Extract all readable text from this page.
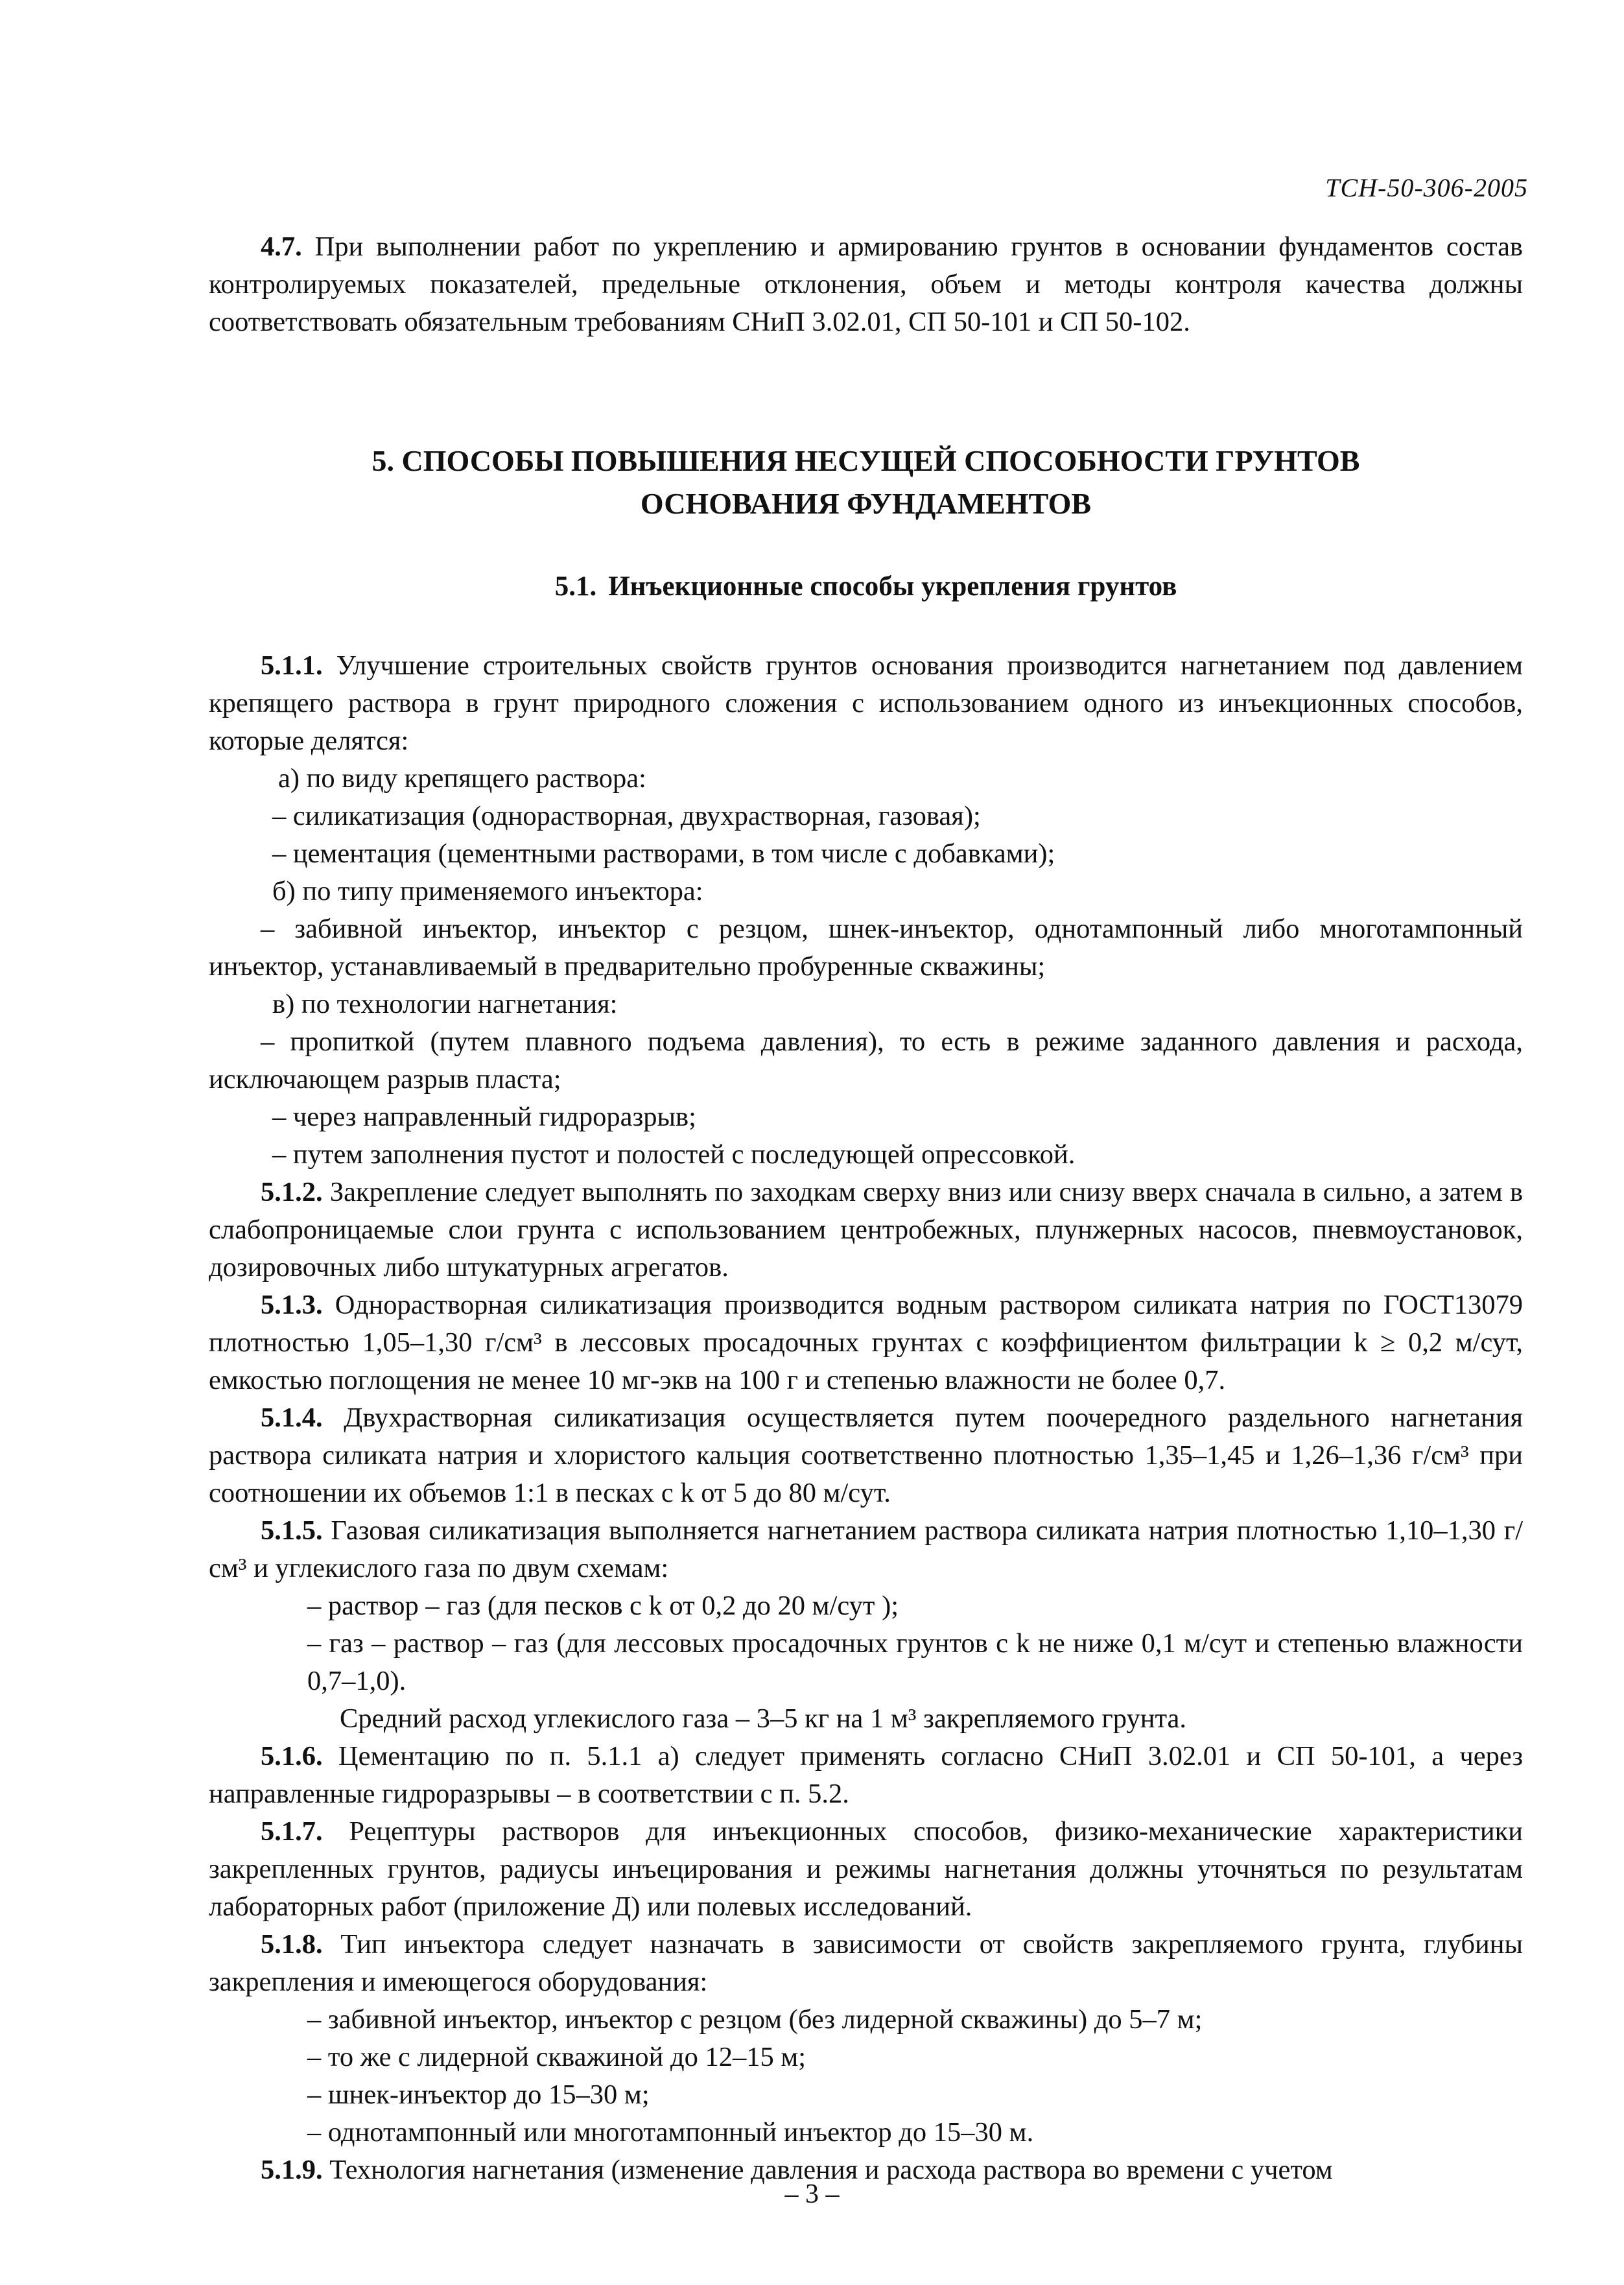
ТСН-50-306-2005

4.7. При выполнении работ по укреплению и армированию грунтов в основании фундаментов состав контролируемых показателей, предельные отклонения, объем и методы контроля качества должны соответствовать обязательным требованиям СНиП 3.02.01, СП 50-101 и СП 50-102.

5. СПОСОБЫ ПОВЫШЕНИЯ НЕСУЩЕЙ СПОСОБНОСТИ ГРУНТОВ
ОСНОВАНИЯ ФУНДАМЕНТОВ
5.1. Инъекционные способы укрепления грунтов

5.1.1. Улучшение строительных свойств грунтов основания производится нагнетанием под давлением крепящего раствора в грунт природного сложения с использованием одного из инъекционных способов, которые делятся:

а) по виду крепящего раствора:

– силикатизация (однорастворная, двухрастворная, газовая);

– цементация (цементными растворами, в том числе с добавками);

б) по типу применяемого инъектора:

– забивной инъектор, инъектор с резцом, шнек-инъектор, однотампонный либо многотампонный инъектор, устанавливаемый в предварительно пробуренные скважины;

в) по технологии нагнетания:

– пропиткой (путем плавного подъема давления), то есть в режиме заданного давления и расхода, исключающем разрыв пласта;

– через направленный гидроразрыв;

– путем заполнения пустот и полостей с последующей опрессовкой.

5.1.2. Закрепление следует выполнять по заходкам сверху вниз или снизу вверх сначала в сильно, а затем в слабопроницаемые слои грунта с использованием центробежных, плунжерных насосов, пневмоустановок, дозировочных либо штукатурных агрегатов.

5.1.3. Однорастворная силикатизация производится водным раствором силиката натрия по ГОСТ13079 плотностью 1,05–1,30 г/см³ в лессовых просадочных грунтах с коэффициентом фильтрации k ≥ 0,2 м/сут, емкостью поглощения не менее 10 мг-экв на 100 г и степенью влажности не более 0,7.

5.1.4. Двухрастворная силикатизация осуществляется путем поочередного раздельного нагнетания раствора силиката натрия и хлористого кальция соответственно плотностью 1,35–1,45 и 1,26–1,36 г/см³ при соотношении их объемов 1:1 в песках с k от 5 до 80 м/сут.

5.1.5. Газовая силикатизация выполняется нагнетанием раствора силиката натрия плотностью 1,10–1,30 г/см³ и углекислого газа по двум схемам:

– раствор – газ (для песков с k от 0,2 до 20 м/сут );

– газ – раствор – газ (для лессовых просадочных грунтов с k не ниже 0,1 м/сут и степенью влажности 0,7–1,0).

Средний расход углекислого газа – 3–5 кг на 1 м³ закрепляемого грунта.

5.1.6. Цементацию по п. 5.1.1 а) следует применять согласно СНиП 3.02.01 и СП 50-101, а через направленные гидроразрывы – в соответствии с п. 5.2.

5.1.7. Рецептуры растворов для инъекционных способов, физико-механические характеристики закрепленных грунтов, радиусы инъецирования и режимы нагнетания должны уточняться по результатам лабораторных работ (приложение Д) или полевых исследований.

5.1.8. Тип инъектора следует назначать в зависимости от свойств закрепляемого грунта, глубины закрепления и имеющегося оборудования:

– забивной инъектор, инъектор с резцом (без лидерной скважины) до 5–7 м;

– то же с лидерной скважиной до 12–15 м;

– шнек-инъектор до 15–30 м;

– однотампонный или многотампонный инъектор до 15–30 м.

5.1.9. Технология нагнетания (изменение давления и расхода раствора во времени с учетом

– 3 –
